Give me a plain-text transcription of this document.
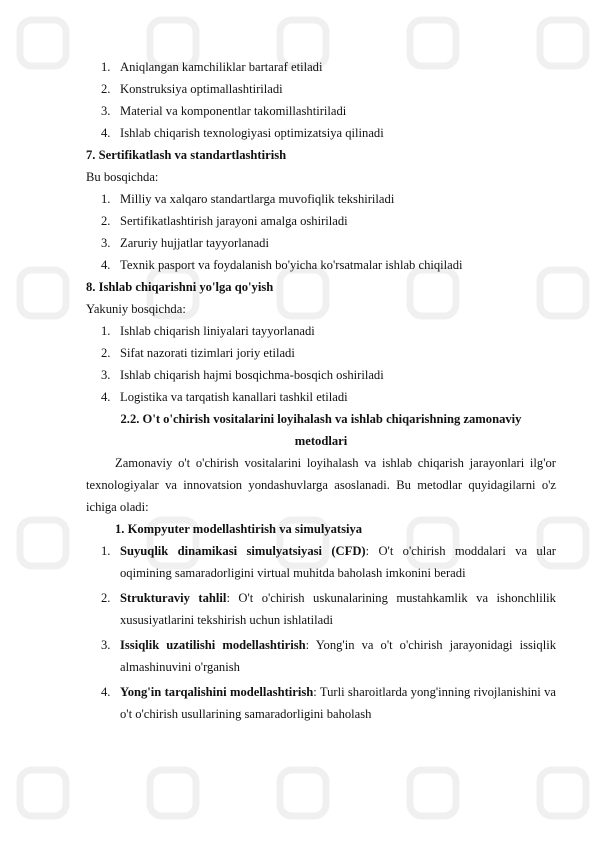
1. Aniqlangan kamchiliklar bartaraf etiladi
2. Konstruksiya optimallashtiriladi
3. Material va komponentlar takomillashtiriladi
4. Ishlab chiqarish texnologiyasi optimizatsiya qilinadi
7. Sertifikatlash va standartlashtirish
Bu bosqichda:
1. Milliy va xalqaro standartlarga muvofiqlik tekshiriladi
2. Sertifikatlashtirish jarayoni amalga oshiriladi
3. Zaruriy hujjatlar tayyorlanadi
4. Texnik pasport va foydalanish bo'yicha ko'rsatmalar ishlab chiqiladi
8. Ishlab chiqarishni yo'lga qo'yish
Yakuniy bosqichda:
1. Ishlab chiqarish liniyalari tayyorlanadi
2. Sifat nazorati tizimlari joriy etiladi
3. Ishlab chiqarish hajmi bosqichma-bosqich oshiriladi
4. Logistika va tarqatish kanallari tashkil etiladi
2.2. O't o'chirish vositalarini loyihalash va ishlab chiqarishning zamonaviy
metodlari
Zamonaviy o't o'chirish vositalarini loyihalash va ishlab chiqarish jarayonlari ilg'or texnologiyalar va innovatsion yondashuvlarga asoslanadi. Bu metodlar quyidagilarni o'z ichiga oladi:
1. Kompyuter modellashtirish va simulyatsiya
1. Suyuqlik dinamikasi simulyatsiyasi (CFD): O't o'chirish moddalari va ular oqimining samaradorligini virtual muhitda baholash imkonini beradi
2. Strukturaviy tahlil: O't o'chirish uskunalarining mustahkamlik va ishonchlilik xususiyatlarini tekshirish uchun ishlatiladi
3. Issiqlik uzatilishi modellashtirish: Yong'in va o't o'chirish jarayonidagi issiqlik almashinuvini o'rganish
4. Yong'in tarqalishini modellashtirish: Turli sharoitlarda yong'inning rivojlanishini va o't o'chirish usullarining samaradorligini baholash
